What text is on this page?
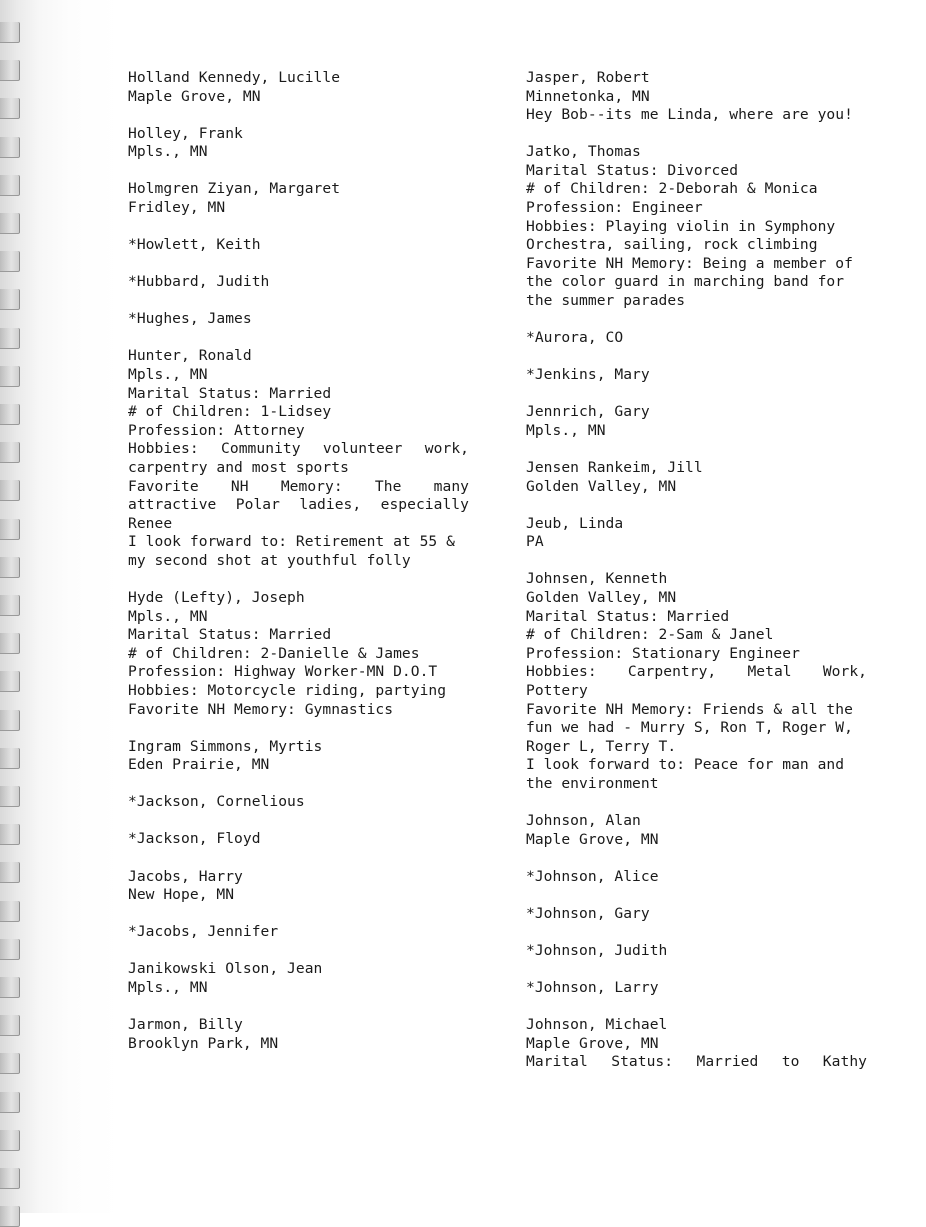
Holland Kennedy, Lucille
Maple Grove, MN
Holley, Frank
Mpls., MN
Holmgren Ziyan, Margaret
Fridley, MN
*Howlett, Keith
*Hubbard, Judith
*Hughes, James
Hunter, Ronald
Mpls., MN
Marital Status: Married
# of Children: 1-Lidsey
Profession: Attorney
Hobbies: Community volunteer work,
carpentry and most sports
Favorite NH Memory: The many
attractive Polar ladies, especially
Renee
I look forward to: Retirement at 55 &
my second shot at youthful folly
Hyde (Lefty), Joseph
Mpls., MN
Marital Status: Married
# of Children: 2-Danielle & James
Profession: Highway Worker-MN D.O.T
Hobbies: Motorcycle riding, partying
Favorite NH Memory: Gymnastics
Ingram Simmons, Myrtis
Eden Prairie, MN
*Jackson, Cornelious
*Jackson, Floyd
Jacobs, Harry
New Hope, MN
*Jacobs, Jennifer
Janikowski Olson, Jean
Mpls., MN
Jarmon, Billy
Brooklyn Park, MN
Jasper, Robert
Minnetonka, MN
Hey Bob--its me Linda, where are you!
Jatko, Thomas
Marital Status: Divorced
# of Children: 2-Deborah & Monica
Profession: Engineer
Hobbies: Playing violin in Symphony
Orchestra, sailing, rock climbing
Favorite NH Memory: Being a member of
the color guard in marching band for
the summer parades
*Aurora, CO
*Jenkins, Mary
Jennrich, Gary
Mpls., MN
Jensen Rankeim, Jill
Golden Valley, MN
Jeub, Linda
PA
Johnsen, Kenneth
Golden Valley, MN
Marital Status: Married
# of Children: 2-Sam & Janel
Profession: Stationary Engineer
Hobbies: Carpentry, Metal Work,
Pottery
Favorite NH Memory: Friends & all the
fun we had - Murry S, Ron T, Roger W,
Roger L, Terry T.
I look forward to: Peace for man and
the environment
Johnson, Alan
Maple Grove, MN
*Johnson, Alice
*Johnson, Gary
*Johnson, Judith
*Johnson, Larry
Johnson, Michael
Maple Grove, MN
Marital Status: Married to Kathy
